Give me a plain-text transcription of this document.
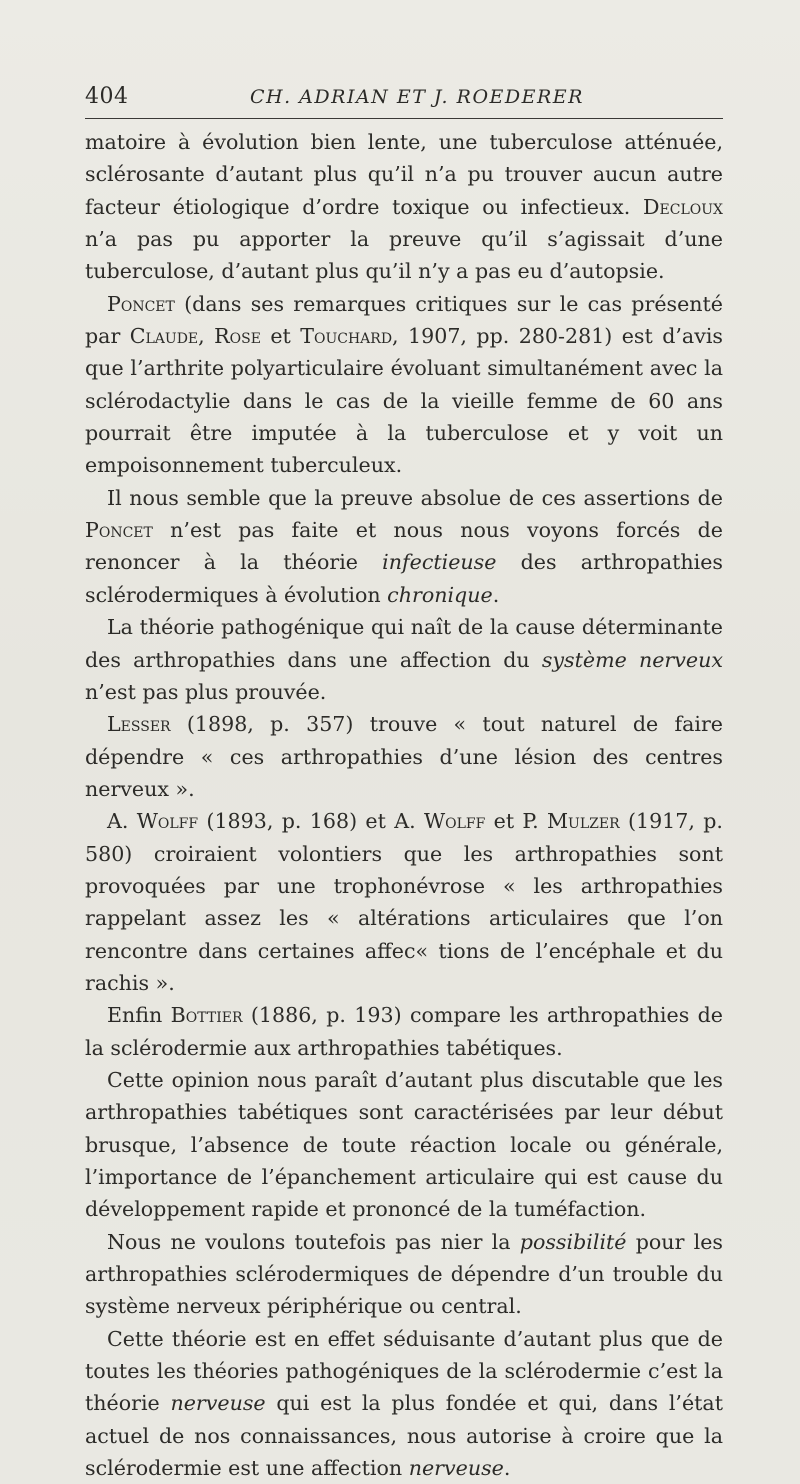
404	CH. ADRIAN ET J. ROEDERER

matoire à évolution bien lente, une tuberculose atténuée, sclérosante d’autant plus qu’il n’a pu trouver aucun autre facteur étiologique d’ordre toxique ou infectieux. Decloux n’a pas pu apporter la preuve qu’il s’agissait d’une tuberculose, d’autant plus qu’il n’y a pas eu d’autopsie.

Poncet (dans ses remarques critiques sur le cas présenté par Claude, Rose et Touchard, 1907, pp. 280-281) est d’avis que l’arthrite polyarticulaire évoluant simultanément avec la sclérodactylie dans le cas de la vieille femme de 60 ans pourrait être imputée à la tuberculose et y voit un empoisonnement tuberculeux.

Il nous semble que la preuve absolue de ces assertions de Poncet n’est pas faite et nous nous voyons forcés de renoncer à la théorie infectieuse des arthropathies sclérodermiques à évolution chronique.

La théorie pathogénique qui naît de la cause déterminante des arthropathies dans une affection du système nerveux n’est pas plus prouvée.

Lesser (1898, p. 357) trouve « tout naturel de faire dépendre « ces arthropathies d’une lésion des centres nerveux ».

A. Wolff (1893, p. 168) et A. Wolff et P. Mulzer (1917, p. 580) croiraient volontiers que les arthropathies sont provoquées par une trophonévrose « les arthropathies rappelant assez les « altérations articulaires que l’on rencontre dans certaines affec« tions de l’encéphale et du rachis ».

Enfin Bottier (1886, p. 193) compare les arthropathies de la sclérodermie aux arthropathies tabétiques.

Cette opinion nous paraît d’autant plus discutable que les arthropathies tabétiques sont caractérisées par leur début brusque, l’absence de toute réaction locale ou générale, l’importance de l’épanchement articulaire qui est cause du développement rapide et prononcé de la tuméfaction.

Nous ne voulons toutefois pas nier la possibilité pour les arthropathies sclérodermiques de dépendre d’un trouble du système nerveux périphérique ou central.

Cette théorie est en effet séduisante d’autant plus que de toutes les théories pathogéniques de la sclérodermie c’est la théorie nerveuse qui est la plus fondée et qui, dans l’état actuel de nos connaissances, nous autorise à croire que la sclérodermie est une affection nerveuse.
